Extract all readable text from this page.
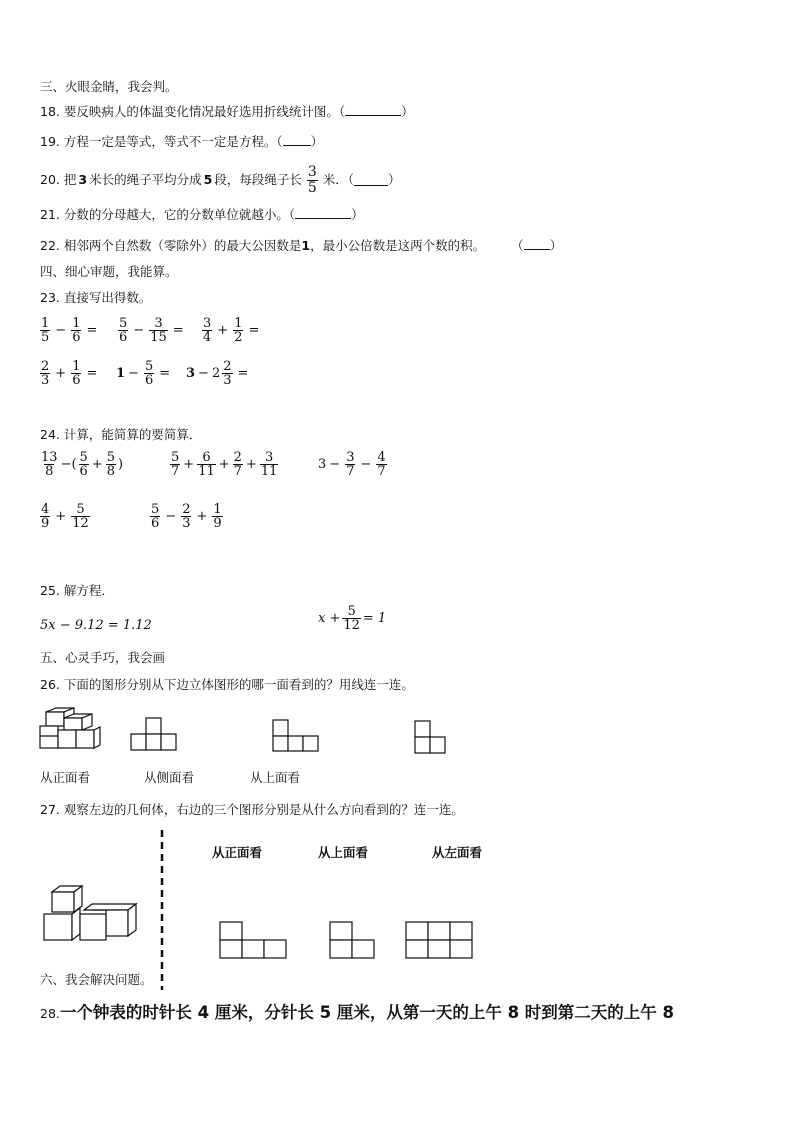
三、火眼金睛，我会判。
18. 要反映病人的体温变化情况最好选用折线统计图。（	）
19. 方程一定是等式，等式不一定是方程。（ ）
20.
把 3 米长的绳子平均分成 5 段，每段绳子长 $\frac{3}{5}$ 米．（	）
21. 分数的分母越大，它的分数单位就越小。（	）
22. 相邻两个自然数（零除外）的最大公因数是1，最小公倍数是这两个数的积。 （ ）
四、细心审题，我能算。
23. 直接写出得数。
$\frac{1}{5} - \frac{1}{6} = \frac{5}{6} - \frac{3}{15} = \frac{3}{4} + \frac{1}{2}$ =
$\frac{2}{3} + \frac{1}{6} = 1 - \frac{5}{6} = 3 - 2 \frac{2}{3}$ =
24. 计算，能简算的要简算．
$\frac{13}{8}$ −( $\frac{5}{6} + \frac{5}{8}$ )	$\frac{5}{7} + \frac{6}{11} + \frac{2}{7} + \frac{3}{11}$	$3 - \frac{3}{7} - \frac{4}{7}$
$\frac{4}{9} + \frac{5}{12}$	$\frac{5}{6} - \frac{2}{3} + \frac{1}{9}$
25. 解方程．
5x − 9.12 = 1.12	$x + \frac{5}{12} = 1$
五、心灵手巧，我会画
26. 下面的图形分别从下边立体图形的哪一面看到的？用线连一连。
从正面看	从侧面看	从上面看
27. 观察左边的几何体，右边的三个图形分别是从什么方向看到的？连一连。
从正面看	从上面看	从左面看
六、我会解决问题。
28.一个钟表的时针长 4 厘米，分针长 5 厘米，从第一天的上午 8 时到第二天的上午 8
